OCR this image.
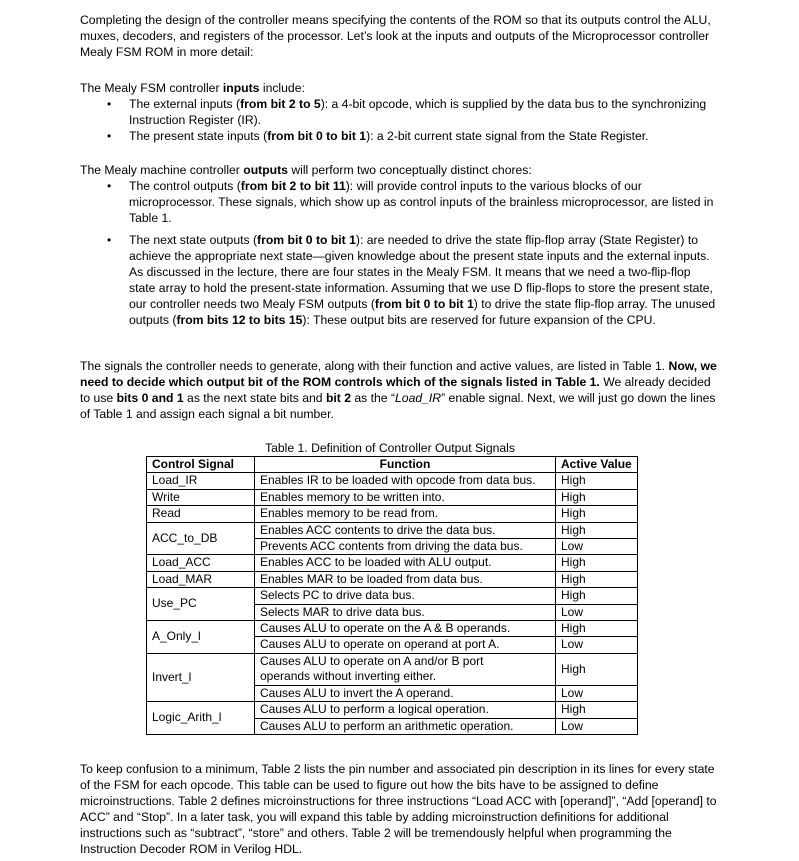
Completing the design of the controller means specifying the contents of the ROM so that its outputs control the ALU, muxes, decoders, and registers of the processor. Let’s look at the inputs and outputs of the Microprocessor controller Mealy FSM ROM in more detail:

The Mealy FSM controller inputs include:

• The external inputs (from bit 2 to 5): a 4-bit opcode, which is supplied by the data bus to the synchronizing Instruction Register (IR).
• The present state inputs (from bit 0 to bit 1): a 2-bit current state signal from the State Register.

The Mealy machine controller outputs will perform two conceptually distinct chores:

• The control outputs (from bit 2 to bit 11): will provide control inputs to the various blocks of our microprocessor. These signals, which show up as control inputs of the brainless microprocessor, are listed in Table 1.
• The next state outputs (from bit 0 to bit 1): are needed to drive the state flip-flop array (State Register) to achieve the appropriate next state—given knowledge about the present state inputs and the external inputs. As discussed in the lecture, there are four states in the Mealy FSM. It means that we need a two-flip-flop state array to hold the present-state information. Assuming that we use D flip-flops to store the present state, our controller needs two Mealy FSM outputs (from bit 0 to bit 1) to drive the state flip-flop array. The unused outputs (from bits 12 to bits 15): These output bits are reserved for future expansion of the CPU.

The signals the controller needs to generate, along with their function and active values, are listed in Table 1. Now, we need to decide which output bit of the ROM controls which of the signals listed in Table 1. We already decided to use bits 0 and 1 as the next state bits and bit 2 as the “Load_IR” enable signal. Next, we will just go down the lines of Table 1 and assign each signal a bit number.

Table 1. Definition of Controller Output Signals

Control Signal	Function	Active Value
Load_IR	Enables IR to be loaded with opcode from data bus.	High
Write	Enables memory to be written into.	High
Read	Enables memory to be read from.	High
ACC_to_DB	Enables ACC contents to drive the data bus.	High
	Prevents ACC contents from driving the data bus.	Low
Load_ACC	Enables ACC to be loaded with ALU output.	High
Load_MAR	Enables MAR to be loaded from data bus.	High
Use_PC	Selects PC to drive data bus.	High
	Selects MAR to drive data bus.	Low
A_Only_l	Causes ALU to operate on the A & B operands.	High
	Causes ALU to operate on operand at port A.	Low
Invert_l	Causes ALU to operate on A and/or B port
operands without inverting either.	High
	Causes ALU to invert the A operand.	Low
Logic_Arith_l	Causes ALU to perform a logical operation.	High
	Causes ALU to perform an arithmetic operation.	Low

To keep confusion to a minimum, Table 2 lists the pin number and associated pin description in its lines for every state of the FSM for each opcode. This table can be used to figure out how the bits have to be assigned to define microinstructions. Table 2 defines microinstructions for three instructions “Load ACC with [operand]”, “Add [operand] to ACC” and “Stop”. In a later task, you will expand this table by adding microinstruction definitions for additional instructions such as “subtract”, “store” and others. Table 2 will be tremendously helpful when programming the Instruction Decoder ROM in Verilog HDL.
